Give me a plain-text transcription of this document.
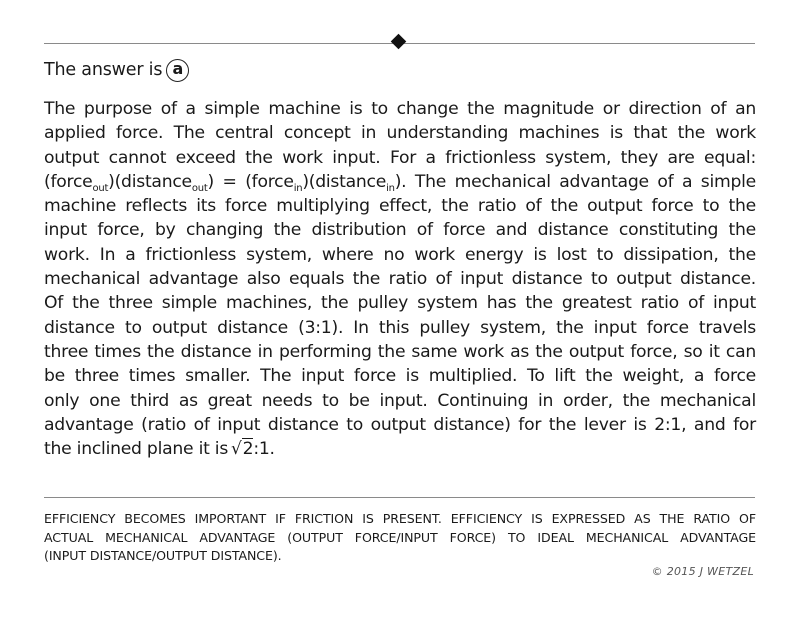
The answer is a
The purpose of a simple machine is to change the magnitude or direction of an
applied force. The central concept in understanding machines is that the work
output cannot exceed the work input. For a frictionless system, they are equal:
(force$_{out}$)(distance$_{out}$) = (force$_{in}$)(distance$_{in}$). The mechanical advantage of a simple
machine reflects its force multiplying effect, the ratio of the output force to the
input force, by changing the distribution of force and distance constituting the
work. In a frictionless system, where no work energy is lost to dissipation, the
mechanical advantage also equals the ratio of input distance to output distance.
Of the three simple machines, the pulley system has the greatest ratio of input
distance to output distance (3:1). In this pulley system, the input force travels
three times the distance in performing the same work as the output force, so it can
be three times smaller. The input force is multiplied. To lift the weight, a force
only one third as great needs to be input. Continuing in order, the mechanical
advantage (ratio of input distance to output distance) for the lever is 2:1, and for
the inclined plane it is √2:1.
EFFICIENCY BECOMES IMPORTANT IF FRICTION IS PRESENT. EFFICIENCY IS EXPRESSED AS THE RATIO OF
ACTUAL MECHANICAL ADVANTAGE (OUTPUT FORCE/INPUT FORCE) TO IDEAL MECHANICAL ADVANTAGE
(INPUT DISTANCE/OUTPUT DISTANCE).
© 2015 J WETZEL
